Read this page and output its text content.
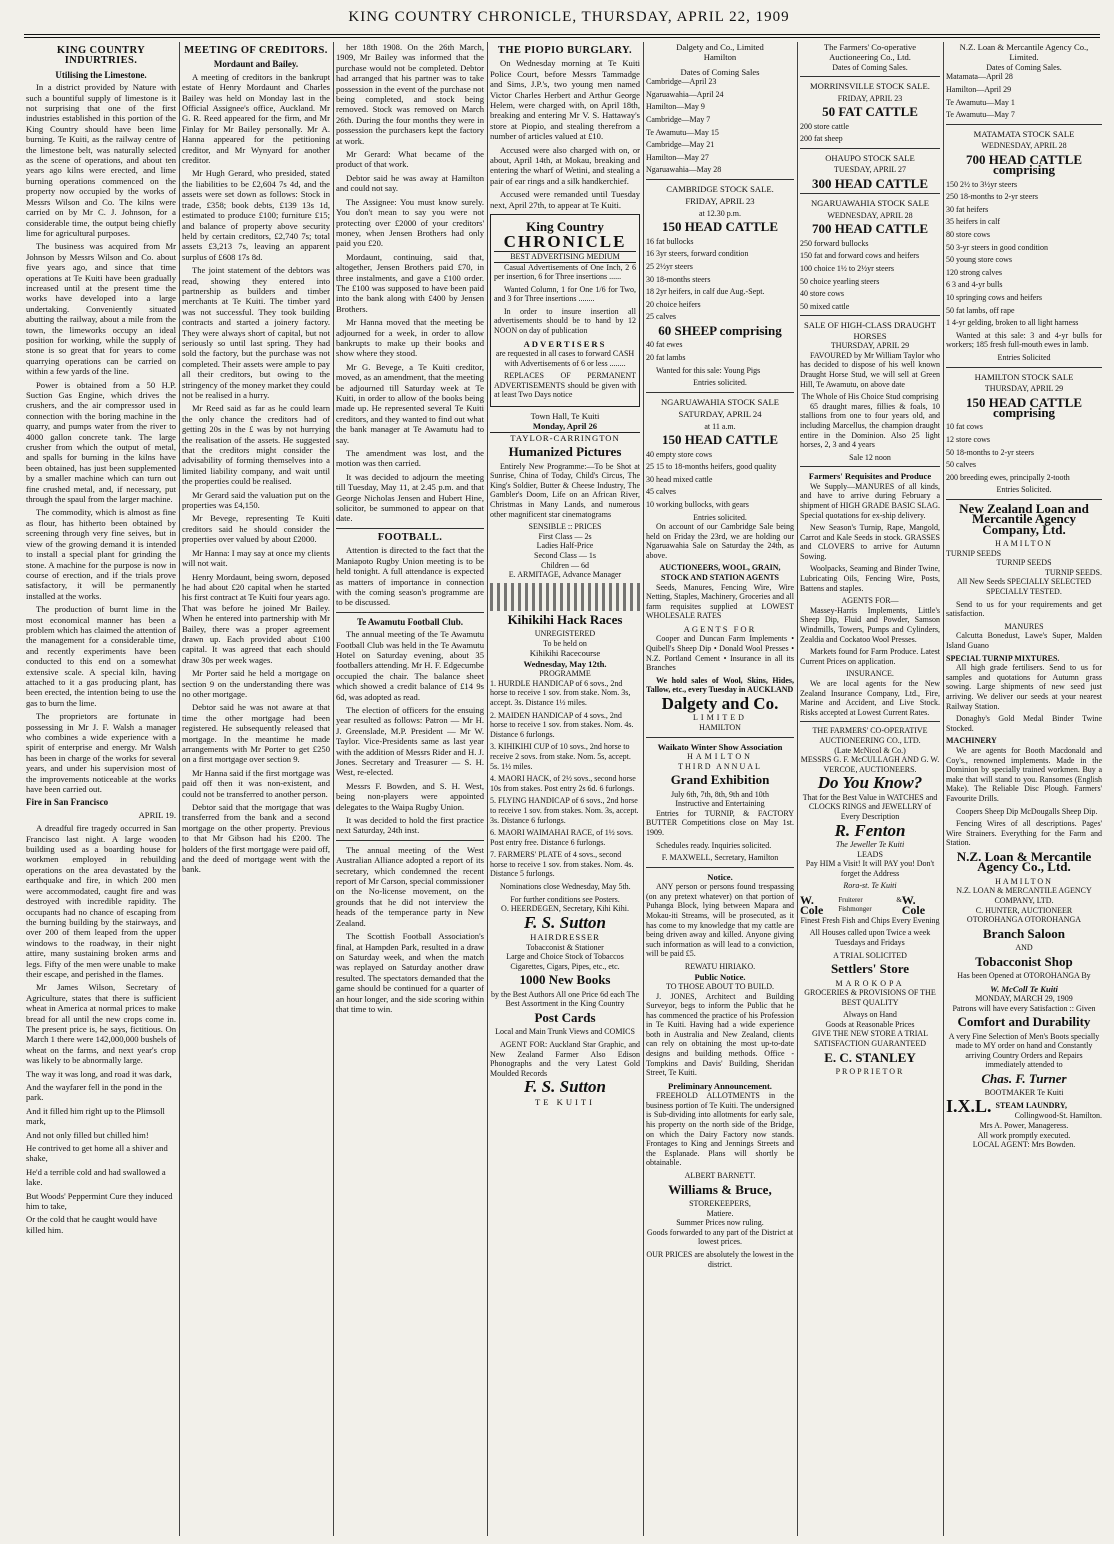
KING COUNTRY CHRONICLE, THURSDAY, APRIL 22, 1909
KING COUNTRY INDURTRIES.
Utilising the Limestone.

In a district provided by Nature with such a bountiful supply of limestone is it not surprising that one of the first industries established in this portion of the King Country should have been lime burning. Te Kuiti, as the railway centre of the limestone belt, was naturally selected as the scene of operations, and about ten years ago kilns were erected, and lime burning operations commenced on the property now occupied by the works of Messrs Wilson and Co. The kilns were carried on by Mr C. J. Johnson, for a considerable time, the output being chiefly lime for agricultural purposes.

The business was acquired from Mr Johnson by Messrs Wilson and Co. about five years ago, and since that time operations at Te Kuiti have been gradually increased until at the present time the works have developed into a large undertaking. Conveniently situated abutting the railway, about a mile from the town, the limeworks occupy an ideal position for working, while the supply of stone is so great that for years to come quarrying operations can be carried on within a few yards of the line.

Power is obtained from a 50 H.P. Suction Gas Engine, which drives the crushers, and the air compressor used in connection with the boring machine in the quarry, and pumps water from the river to 4000 gallon concrete tank. The large crusher from which the output of metal, and spalls for burning in the kilns have been obtained, has just been supplemented by a smaller machine which can turn out fine crushed metal, and, if necessary, put through the spaul from the larger machine.

The commodity, which is almost as fine as flour, has hitherto been obtained by screening through very fine seives, but in view of the growing demand it is intended to install a special plant for grinding the stone. A machine for the purpose is now in course of erection, and if the trials prove satisfactory, it will be permanently installed at the works.

The production of burnt lime in the most economical manner has been a problem which has claimed the attention of the management for a considerable time, and recently experiments have been conducted to this end on a somewhat extensive scale. A special kiln, having attached to it a gas producing plant, has been erected, the intention being to use the gas to burn the lime.

The proprietors are fortunate in possessing in Mr J. F. Walsh a manager who combines a wide experience with a spirit of enterprise and energy. Mr Walsh has been in charge of the works for several years, and under his supervision most of the improvements noticeable at the works have been carried out.

Fire in San Francisco

APRIL 19.

A dreadful fire tragedy occurred in San Francisco last night. A large wooden building used as a boarding house for workmen employed in rebuilding operations on the area devastated by the earthquake and fire, in which 200 men were accommodated, caught fire and was destroyed with incredible rapidity. The occupants had no chance of escaping from the burning building by the stairways, and over 200 of them leaped from the upper windows to the roadway, in their night attire, many sustaining broken arms and legs. Fifty of the men were unable to make their escape, and perished in the flames.

Mr James Wilson, Secretary of Agriculture, states that there is sufficient wheat in America at normal prices to make bread for all until the new crops come in. The present price is, he says, fictitious. On March 1 there were 142,000,000 bushels of wheat on the farms, and next year's crop was likely to be abnormally large.

The way it was long, and road it was dark,

And the wayfarer fell in the pond in the park.

And it filled him right up to the Plimsoll mark,

And not only filled but chilled him!

He contrived to get home all a shiver and shake,

He'd a terrible cold and had swallowed a lake.

But Woods' Peppermint Cure they induced him to take,

Or the cold that he caught would have killed him.

MEETING OF CREDITORS.
Mordaunt and Bailey.

A meeting of creditors in the bankrupt estate of Henry Mordaunt and Charles Bailey was held on Monday last in the Official Assignee's office, Auckland. Mr G. R. Reed appeared for the firm, and Mr Finlay for Mr Bailey personally. Mr A. Hanna appeared for the petitioning creditor, and Mr Wynyard for another creditor.

Mr Hugh Gerard, who presided, stated the liabilities to be £2,604 7s 4d, and the assets were set down as follows: Stock in trade, £358; book debts, £139 13s 1d, estimated to produce £100; furniture £15; and balance of property above security held by certain creditors, £2,740 7s; total assets £3,213 7s, leaving an apparent surplus of £608 17s 8d.

The joint statement of the debtors was read, showing they entered into partnership as builders and timber merchants at Te Kuiti. The timber yard was not successful. They took building contracts and started a joinery factory. They were always short of capital, but not seriously so until last spring. They had sold the factory, but the purchase was not completed. Their assets were ample to pay all their creditors, but owing to the stringency of the money market they could not be realised in a hurry.

Mr Reed said as far as he could learn the only chance the creditors had of getting 20s in the £ was by not hurrying the realisation of the assets. He suggested that the creditors might consider the advisability of forming themselves into a limited liability company, and wait until the properties could be realised.

Mr Gerard said the valuation put on the properties was £4,150.

Mr Bevege, representing Te Kuiti creditors said he should consider the properties over valued by about £2000.

Mr Hanna: I may say at once my clients will not wait.

Henry Mordaunt, being sworn, deposed he had about £20 capital when he started his first contract at Te Kuiti four years ago. That was before he joined Mr Bailey. When he entered into partnership with Mr Bailey, there was a proper agreement drawn up. Each provided about £100 capital. It was agreed that each should draw 30s per week wages.

Mr Porter said he held a mortgage on section 9 on the understanding there was no other mortgage.

Debtor said he was not aware at that time the other mortgage had been registered. He subsequently released that mortgage. In the meantime he made arrangements with Mr Porter to get £250 on a first mortgage over section 9.

Mr Hanna said if the first mortgage was paid off then it was non-existent, and could not be transferred to another person.

Debtor said that the mortgage that was transferred from the bank and a second mortgage on the other property. Previous to that Mr Gibson had his £200. The holders of the first mortgage were paid off, and the deed of mortgage went with the bank.

her 18th 1908. On the 26th March, 1909, Mr Bailey was informed that the purchase would not be completed. Debtor had arranged that his partner was to take possession in the event of the purchase not being completed, and stock being removed. Stock was removed on March 26th. During the four months they were in possession the purchasers kept the factory at work.

Mr Gerard: What became of the product of that work.

Debtor said he was away at Hamilton and could not say.

The Assignee: You must know surely. You don't mean to say you were not protecting over £2000 of your creditors' money, when Jensen Brothers had only paid you £20.

Mordaunt, continuing, said that, altogether, Jensen Brothers paid £70, in three instalments, and gave a £100 order. The £100 was supposed to have been paid into the bank along with £400 by Jensen Brothers.

Mr Hanna moved that the meeting be adjourned for a week, in order to allow bankrupts to make up their books and show where they stood.

Mr G. Bevege, a Te Kuiti creditor, moved, as an amendment, that the meeting be adjourned till Saturday week at Te Kuiti, in order to allow of the books being made up. He represented several Te Kuiti creditors, and they wanted to find out what the bank manager at Te Awamutu had to say.

The amendment was lost, and the motion was then carried.

It was decided to adjourn the meeting till Tuesday, May 11, at 2.45 p.m. and that George Nicholas Jensen and Hubert Hine, solicitor, be summoned to appear on that date.

FOOTBALL.

Attention is directed to the fact that the Maniapoto Rugby Union meeting is to be held tonight. A full attendance is expected as matters of importance in connection with the coming season's programme are to be discussed.

Te Awamutu Football Club.

The annual meeting of the Te Awamutu Football Club was held in the Te Awamutu Hotel on Saturday evening, about 35 footballers attending. Mr H. F. Edgecumbe occupied the chair. The balance sheet which showed a credit balance of £14 9s 6d, was adopted as read.

The election of officers for the ensuing year resulted as follows: Patron — Mr H. J. Greenslade, M.P. President — Mr W. Taylor. Vice-Presidents same as last year with the addition of Messrs Rider and H. J. Jones. Secretary and Treasurer — S. H. West, re-elected.

Messrs F. Bowden, and S. H. West, being non-players were appointed delegates to the Waipa Rugby Union.

It was decided to hold the first practice next Saturday, 24th inst.

The annual meeting of the West Australian Alliance adopted a report of its secretary, which condemned the recent report of Mr Carson, special commissioner on the No-license movement, on the grounds that he did not interview the heads of the temperance party in New Zealand.

The Scottish Football Association's final, at Hampden Park, resulted in a draw on Saturday week, and when the match was replayed on Saturday another draw resulted. The spectators demanded that the game should be continued for a quarter of an hour longer, and the side scoring within that time to win.

THE PIOPIO BURGLARY.

On Wednesday morning at Te Kuiti Police Court, before Messrs Tammadge and Sims, J.P.'s, two young men named Victor Charles Herbert and Arthur George Helem, were charged with, on April 18th, breaking and entering Mr V. S. Hattaway's store at Piopio, and stealing therefrom a number of articles valued at £10.

Accused were also charged with on, or about, April 14th, at Mokau, breaking and entering the wharf of Wetini, and stealing a pair of ear rings and a silk handkerchief.

Accused were remanded until Tuesday next, April 27th, to appear at Te Kuiti.

King Country
CHRONICLE
BEST ADVERTISING MEDIUM

Casual Advertisements of One Inch, 2 6 per insertion, 6 for Three insertions ......

Wanted Column, 1 for One 1/6 for Two, and 3 for Three insertions ........

In order to insure insertion all advertisements should be to hand by 12 NOON on day of publication

ADVERTISERS

are requested in all cases to forward CASH with Advertisements of 6 or less ........

REPLACES OF PERMANENT ADVERTISEMENTS should be given with at least Two Days notice

Town Hall, Te Kuiti
Monday, April 26
TAYLOR-CARRINGTON
Humanized Pictures

Entirely New Programme:—To be Shot at Sunrise, China of Today, Child's Circus, The King's Soldier, Butter & Cheese Industry, The Gambler's Doom, Life on an African River, Christmas in Many Lands, and numerous other magnificent star cinematograms

SENSIBLE :: PRICES
First Class — 2s
Ladies Half-Price
Second Class — 1s
Children — 6d
E. ARMITAGE, Advance Manager
Kihikihi Hack Races
UNREGISTERED
To be held on
Kihikihi Racecourse
Wednesday, May 12th.
PROGRAMME

1. HURDLE HANDICAP of 6 sovs., 2nd horse to receive 1 sov. from stake. Nom. 3s, accept. 3s. Distance 1½ miles.

2. MAIDEN HANDICAP of 4 sovs., 2nd horse to receive 1 sov. from stakes. Nom. 4s. Distance 6 furlongs.

3. KIHIKIHI CUP of 10 sovs., 2nd horse to receive 2 sovs. from stake. Nom. 5s, accept. 5s. 1½ miles.

4. MAORI HACK, of 2½ sovs., second horse 10s from stakes. Post entry 2s 6d. 6 furlongs.

5. FLYING HANDICAP of 6 sovs., 2nd horse to receive 1 sov. from stakes. Nom. 3s, accept. 3s. Distance 6 furlongs.

6. MAORI WAIMAHAI RACE, of 1½ sovs. Post entry free. Distance 6 furlongs.

7. FARMERS' PLATE of 4 sovs., second horse to receive 1 sov. from stakes. Nom. 4s. Distance 5 furlongs.

Nominations close Wednesday, May 5th.

For further conditions see Posters.
O. HEERDEGEN, Secretary, Kihi Kihi.
F. S. Sutton
HAIRDRESSER
Tobacconist & Stationer

Large and Choice Stock of Tobaccos Cigarettes, Cigars, Pipes, etc., etc.

1000 New Books

by the Best Authors All one Price 6d each The Best Assortment in the King Country

Post Cards

Local and Main Trunk Views and COMICS

AGENT FOR: Auckland Star Graphic, and New Zealand Farmer Also Edison Phonographs and the very Latest Gold Moulded Records

F. S. Sutton
TE KUITI
Dalgety and Co., Limited
Hamilton
Dates of Coming Sales

Cambridge—April 23

Ngaruawahia—April 24

Hamilton—May 9

Cambridge—May 7

Te Awamutu—May 15

Cambridge—May 21

Hamilton—May 27

Ngaruawahia—May 28

CAMBRIDGE STOCK SALE.
FRIDAY, APRIL 23
at 12.30 p.m.
150 HEAD CATTLE

16 fat bullocks

16 3yr steers, forward condition

25 2½yr steers

30 18-months steers

18 2yr heifers, in calf due Aug.-Sept.

20 choice heifers

25 calves

60 SHEEP comprising

40 fat ewes

20 fat lambs

Wanted for this sale: Young Pigs

Entries solicited.
NGARUAWAHIA STOCK SALE
SATURDAY, APRIL 24
at 11 a.m.
150 HEAD CATTLE

40 empty store cows

25 15 to 18-months heifers, good quality

30 head mixed cattle

45 calves

10 working bullocks, with gears

Entries solicited.

On account of our Cambridge Sale being held on Friday the 23rd, we are holding our Ngaruawahia Sale on Saturday the 24th, as above.

AUCTIONEERS, WOOL, GRAIN, STOCK AND STATION AGENTS

Seeds, Manures, Fencing Wire, Wire Netting, Staples, Machinery, Groceries and all farm requisites supplied at LOWEST WHOLESALE RATES

AGENTS FOR

Cooper and Duncan Farm Implements • Quibell's Sheep Dip • Donald Wool Presses • N.Z. Portland Cement • Insurance in all its Branches

We hold sales of Wool, Skins, Hides, Tallow, etc., every Tuesday in AUCKLAND

Dalgety and Co.
LIMITED
HAMILTON
Waikato Winter Show Association
HAMILTON
THIRD ANNUAL
Grand Exhibition
July 6th, 7th, 8th, 9th and 10th
Instructive and Entertaining

Entries for TURNIP, & FACTORY BUTTER Competitions close on May 1st. 1909.

Schedules ready. Inquiries solicited.

F. MAXWELL, Secretary, Hamilton
Notice.

ANY person or persons found trespassing (on any pretext whatever) on that portion of Puhanga Block, lying between Mapara and Mokau-iti Streams, will be prosecuted, as it has come to my knowledge that my cattle are being driven away and killed. Anyone giving such information as will lead to a conviction, will be paid £5.

REWATU HIRIAKO.
Public Notice.
TO THOSE ABOUT TO BUILD.

J. JONES, Architect and Building Surveyor, begs to inform the Public that he has commenced the practice of his Profession in Te Kuiti. Having had a wide experience both in Australia and New Zealand, clients can rely on obtaining the most up-to-date designs and building methods. Office - Tompkins and Davis' Building, Sheridan Street, Te Kuiti.

Preliminary Announcement.

FREEHOLD ALLOTMENTS in the business portion of Te Kuiti. The undersigned is Sub-dividing into allotments for early sale, his property on the north side of the Bridge, on which the Dairy Factory now stands. Frontages to King and Jennings Streets and the Esplanade. Plans will shortly be obtainable.

ALBERT BARNETT.
Williams & Bruce,
STOREKEEPERS,
Matiere.
Summer Prices now ruling.

Goods forwarded to any part of the District at lowest prices.

OUR PRICES are absolutely the lowest in the district.

The Farmers' Co-operative Auctioneering Co., Ltd.
Dates of Coming Sales.
MORRINSVILLE STOCK SALE.
FRIDAY, APRIL 23
50 FAT CATTLE

200 store cattle

200 fat sheep

OHAUPO STOCK SALE
TUESDAY, APRIL 27
300 HEAD CATTLE
NGARUAWAHIA STOCK SALE
WEDNESDAY, APRIL 28
700 HEAD CATTLE

250 forward bullocks

150 fat and forward cows and heifers

100 choice 1½ to 2½yr steers

50 choice yearling steers

40 store cows

50 mixed cattle

SALE OF HIGH-CLASS DRAUGHT HORSES
THURSDAY, APRIL 29

FAVOURED by Mr William Taylor who has decided to dispose of his well known Draught Horse Stud, we will sell at Green Hill, Te Awamutu, on above date

The Whole of His Choice Stud comprising

65 draught mares, fillies & foals, 10 stallions from one to four years old, and including Marcellus, the champion draught entire in the Dominion. Also 25 light horses, 2, 3 and 4 years

Sale 12 noon
Farmers' Requisites and Produce

We Supply—MANURES of all kinds, and have to arrive during February a shipment of HIGH GRADE BASIC SLAG. Special quotations for ex-ship delivery.

New Season's Turnip, Rape, Mangold, Carrot and Kale Seeds in stock. GRASSES and CLOVERS to arrive for Autumn Sowing.

Woolpacks, Seaming and Binder Twine, Lubricating Oils, Fencing Wire, Posts, Battens and staples.

AGENTS FOR—

Massey-Harris Implements, Little's Sheep Dip, Fluid and Powder, Samson Windmills, Towers, Pumps and Cylinders, Zealdia and Cockatoo Wool Presses.

Markets found for Farm Produce. Latest Current Prices on application.

INSURANCE.

We are local agents for the New Zealand Insurance Company, Ltd., Fire, Marine and Accident, and Live Stock. Risks accepted at Lowest Current Rates.

THE FARMERS' CO-OPERATIVE AUCTIONEERING CO., LTD.
(Late McNicol & Co.)
MESSRS G. F. McCULLAGH AND G. W. VERCOE, AUCTIONEERS.
Do You Know?

That for the Best Value in WATCHES and CLOCKS RINGS and JEWELLRY of Every Description

R. Fenton
The Jeweller Te Kuiti
LEADS

Pay HIM a Visit! It will PAY you! Don't forget the Address

Rora-st. Te Kuiti
W. Cole
Fruiterer & Fishmonger
W. Cole

Finest Fresh Fish and Chips Every Evening

All Houses called upon Twice a week Tuesdays and Fridays

A TRIAL SOLICITED
Settlers' Store
MAROKOPA

GROCERIES & PROVISIONS OF THE BEST QUALITY

Always on Hand
Goods at Reasonable Prices

GIVE THE NEW STORE A TRIAL SATISFACTION GUARANTEED

E. C. STANLEY
PROPRIETOR
N.Z. Loan & Mercantile Agency Co., Limited.
Dates of Coming Sales.

Matamata—April 28

Hamilton—April 29

Te Awamutu—May 1

Te Awamutu—May 7

MATAMATA STOCK SALE
WEDNESDAY, APRIL 28
700 HEAD CATTLE comprising

150 2½ to 3½yr steers

250 18-months to 2-yr steers

30 fat heifers

35 heifers in calf

80 store cows

50 3-yr steers in good condition

50 young store cows

120 strong calves

6 3 and 4-yr bulls

10 springing cows and heifers

50 fat lambs, off rape

1 4-yr gelding, broken to all light harness

Wanted at this sale: 3 and 4-yr bulls for workers; 185 fresh full-mouth ewes in lamb.

Entries Solicited
HAMILTON STOCK SALE
THURSDAY, APRIL 29
150 HEAD CATTLE comprising

10 fat cows

12 store cows

50 18-months to 2-yr steers

50 calves

200 breeding ewes, principally 2-tooth

Entries Solicited.
New Zealand Loan and Mercantile Agency Company, Ltd.
HAMILTON
TURNIP SEEDS
TURNIP SEEDS
TURNIP SEEDS.

All New Seeds SPECIALLY SELECTED SPECIALLY TESTED.

Send to us for your requirements and get satisfaction.

MANURES

Calcutta Bonedust, Lawe's Super, Malden Island Guano

SPECIAL TURNIP MIXTURES.

All high grade fertilisers. Send to us for samples and quotations for Autumn grass sowing. Large shipments of new seed just arriving. We deliver our seeds at your nearest Railway Station.

Donaghy's Gold Medal Binder Twine Stocked.

MACHINERY

We are agents for Booth Macdonald and Coy's., renowned implements. Made in the Dominion by specially trained workmen. Buy a make that will stand to you. Ransomes (English Make). The Reliable Disc Plough. Farmers' Favourite Drills.

Coopers Sheep Dip McDougalls Sheep Dip.

Fencing Wires of all descriptions. Pages' Wire Strainers. Everything for the Farm and Station.

N.Z. Loan & Mercantile Agency Co., Ltd.
HAMILTON
N.Z. LOAN & MERCANTILE AGENCY COMPANY, LTD.
C. HUNTER, AUCTIONEER
OTOROHANGA OTOROHANGA
Branch Saloon
AND
Tobacconist Shop

Has been Opened at OTOROHANGA By

W. McColl Te Kuiti
MONDAY, MARCH 29, 1909

Patrons will have every Satisfaction :: Given

Comfort and Durability

A very Fine Selection of Men's Boots specially made to MY order on hand and Constantly arriving Country Orders and Repairs immediately attended to

Chas. F. Turner
BOOTMAKER Te Kuiti
I.X.L. STEAM LAUNDRY,
Collingwood-St. Hamilton.
Mrs A. Power, Manageress.
All work promptly executed.
LOCAL AGENT: Mrs Bowden.
